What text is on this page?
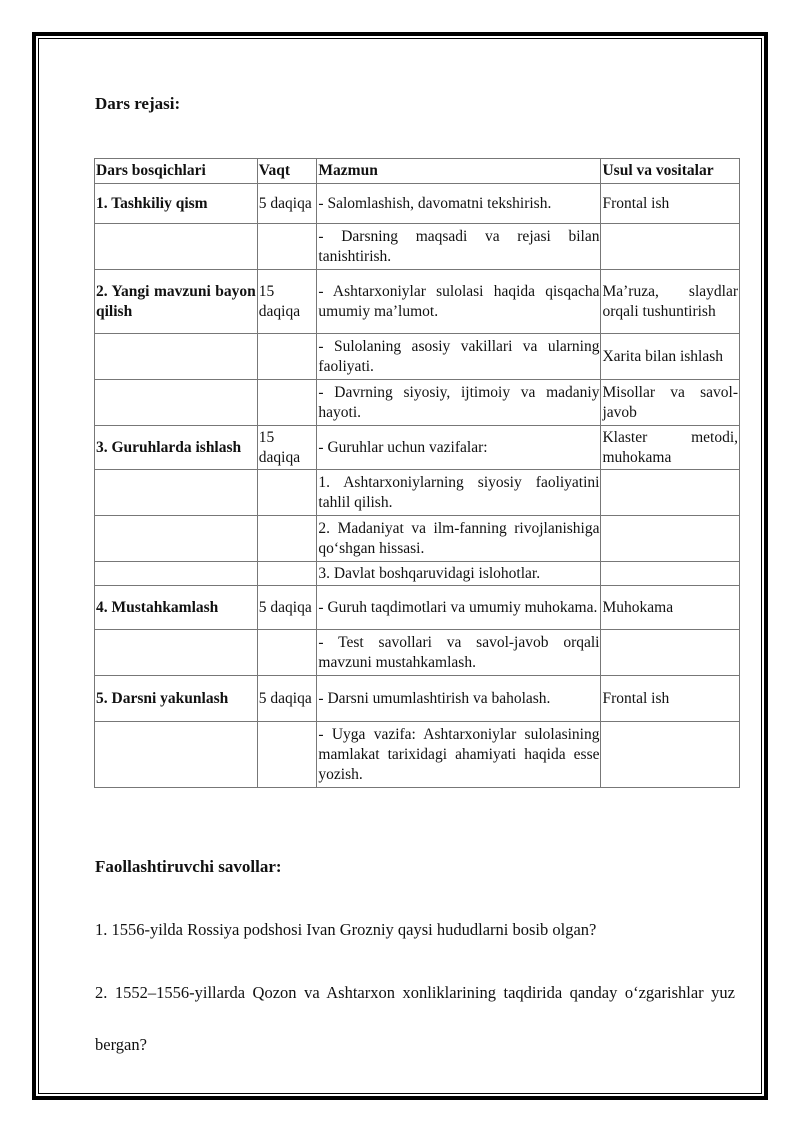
Dars rejasi:
Dars bosqichlari	Vaqt	Mazmun	Usul va vositalar
1. Tashkiliy qism	5 daqiqa	- Salomlashish, davomatni tekshirish.	Frontal ish
		- Darsning maqsadi va rejasi bilan tanishtirish.	
2. Yangi mavzuni bayon qilish	15 daqiqa	- Ashtarxoniylar sulolasi haqida qisqacha umumiy ma’lumot.	Ma’ruza, slaydlar orqali tushuntirish
		- Sulolaning asosiy vakillari va ularning faoliyati.	Xarita bilan ishlash
		- Davrning siyosiy, ijtimoiy va madaniy hayoti.	Misollar va savol-javob
3. Guruhlarda ishlash	15 daqiqa	- Guruhlar uchun vazifalar:	Klaster metodi, muhokama
		1. Ashtarxoniylarning siyosiy faoliyatini tahlil qilish.	
		2. Madaniyat va ilm-fanning rivojlanishiga qo‘shgan hissasi.	
		3. Davlat boshqaruvidagi islohotlar.	
4. Mustahkamlash	5 daqiqa	- Guruh taqdimotlari va umumiy muhokama.	Muhokama
		- Test savollari va savol-javob orqali mavzuni mustahkamlash.	
5. Darsni yakunlash	5 daqiqa	- Darsni umumlashtirish va baholash.	Frontal ish
		- Uyga vazifa: Ashtarxoniylar sulolasining mamlakat tarixidagi ahamiyati haqida esse yozish.	
Faollashtiruvchi savollar:
1. 1556-yilda Rossiya podshosi Ivan Grozniy qaysi hududlarni bosib olgan?
2. 1552–1556-yillarda Qozon va Ashtarxon xonliklarining taqdirida qanday o‘zgarishlar yuz bergan?
